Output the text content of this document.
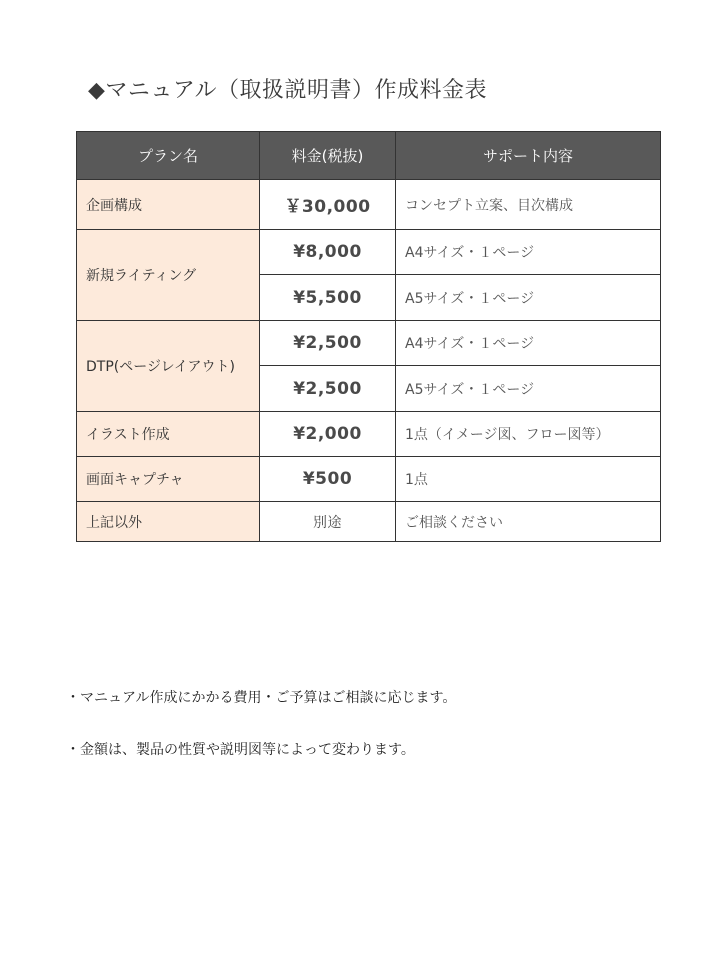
◆マニュアル（取扱説明書）作成料金表
プラン名	料金(税抜)	サポート内容
企画構成	￥30,000	コンセプト立案、目次構成
新規ライティング	¥8,000	A4サイズ・１ページ
	¥5,500	A5サイズ・１ページ
DTP(ページレイアウト)	¥2,500	A4サイズ・１ページ
	¥2,500	A5サイズ・１ページ
イラスト作成	¥2,000	1点（イメージ図、フロー図等）
画面キャプチャ	¥500	1点
上記以外	別途	ご相談ください
・マニュアル作成にかかる費用・ご予算はご相談に応じます。
・金額は、製品の性質や説明図等によって変わります。
